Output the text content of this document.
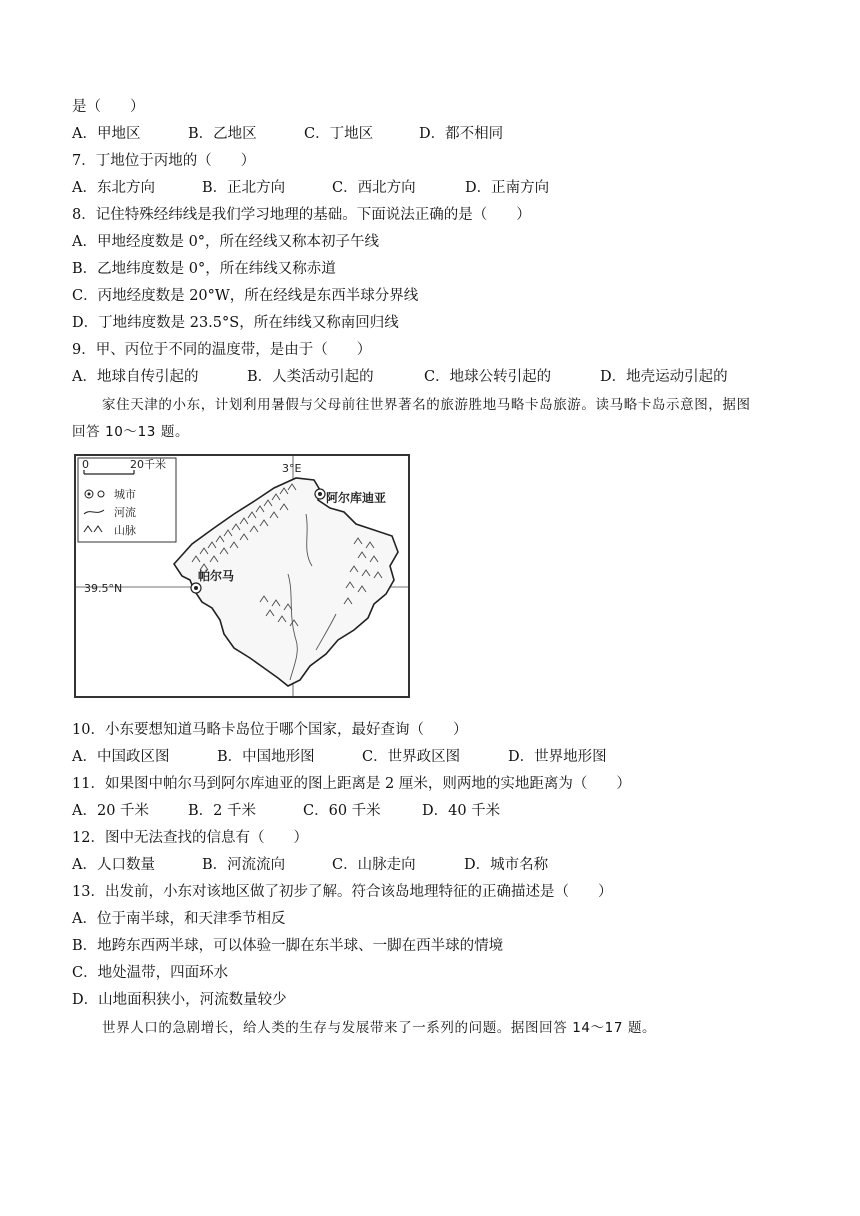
是（　　）

A．甲地区

	B．乙地区

	C．丁地区

	D．都不相同

7．丁地位于丙地的（　　）

A．东北方向

	B．正北方向

	C．西北方向

	D．正南方向

8．记住特殊经纬线是我们学习地理的基础。下面说法正确的是（　　）
A．甲地经度数是 0°，所在经线又称本初子午线
B．乙地纬度数是 0°，所在纬线又称赤道
C．丙地经度数是 20°W，所在经线是东西半球分界线
D．丁地纬度数是 23.5°S，所在纬线又称南回归线
9．甲、丙位于不同的温度带，是由于（　　）

A．地球自传引起的

	B．人类活动引起的

	C．地球公转引起的

	D．地壳运动引起的

家住天津的小东，计划利用暑假与父母前往世界著名的旅游胜地马略卡岛旅游。读马略卡岛示意图，据图
回答 10～13 题。
0	20千米
城市
河流
山脉
3°E
39.5°N
阿尔库迪亚
帕尔马
10．小东要想知道马略卡岛位于哪个国家，最好查询（　　）

A．中国政区图

	B．中国地形图

	C．世界政区图

	D．世界地形图

11．如果图中帕尔马到阿尔库迪亚的图上距离是 2 厘米，则两地的实地距离为（　　）

A．20 千米

	B．2 千米

	C．60 千米

	D．40 千米

12．图中无法查找的信息有（　　）

A．人口数量

	B．河流流向

	C．山脉走向

	D．城市名称

13．出发前，小东对该地区做了初步了解。符合该岛地理特征的正确描述是（　　）
A．位于南半球，和天津季节相反
B．地跨东西两半球，可以体验一脚在东半球、一脚在西半球的情境
C．地处温带，四面环水
D．山地面积狭小，河流数量较少
世界人口的急剧增长，给人类的生存与发展带来了一系列的问题。据图回答 14～17 题。
